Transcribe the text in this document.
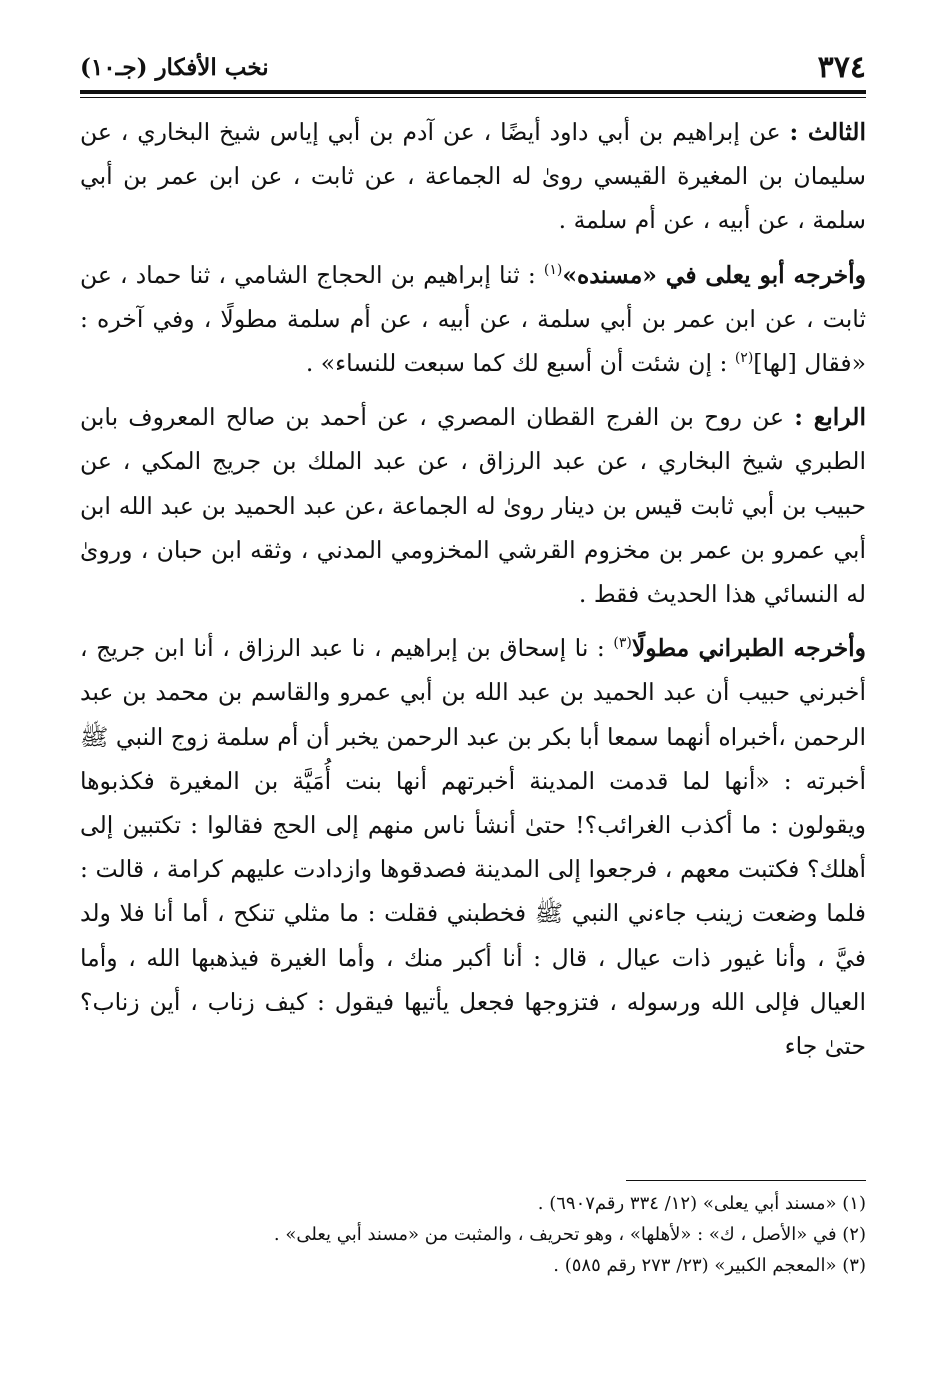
٣٧٤
نخب الأفكار (جـ١٠)

الثالث : عن إبراهيم بن أبي داود أيضًا ، عن آدم بن أبي إياس شيخ البخاري ، عن سليمان بن المغيرة القيسي روىٰ له الجماعة ، عن ثابت ، عن ابن عمر بن أبي سلمة ، عن أبيه ، عن أم سلمة .

وأخرجه أبو يعلى في «مسنده»$^{(١)}$ : ثنا إبراهيم بن الحجاج الشامي ، ثنا حماد ، عن ثابت ، عن ابن عمر بن أبي سلمة ، عن أبيه ، عن أم سلمة مطولًا ، وفي آخره : «فقال [لها]$^{(٢)}$ : إن شئت أن أسبع لك كما سبعت للنساء» .

الرابع : عن روح بن الفرج القطان المصري ، عن أحمد بن صالح المعروف بابن الطبري شيخ البخاري ، عن عبد الرزاق ، عن عبد الملك بن جريج المكي ، عن حبيب بن أبي ثابت قيس بن دينار روىٰ له الجماعة ،عن عبد الحميد بن عبد الله ابن أبي عمرو بن عمر بن مخزوم القرشي المخزومي المدني ، وثقه ابن حبان ، وروىٰ له النسائي هذا الحديث فقط .

وأخرجه الطبراني مطولًا$^{(٣)}$ : نا إسحاق بن إبراهيم ، نا عبد الرزاق ، أنا ابن جريج ، أخبرني حبيب أن عبد الحميد بن عبد الله بن أبي عمرو والقاسم بن محمد بن عبد الرحمن ،أخبراه أنهما سمعا أبا بكر بن عبد الرحمن يخبر أن أم سلمة زوج النبي ﷺ أخبرته : «أنها لما قدمت المدينة أخبرتهم أنها بنت أُمَيَّة بن المغيرة فكذبوها ويقولون : ما أكذب الغرائب؟! حتىٰ أنشأ ناس منهم إلى الحج فقالوا : تكتبين إلى أهلك؟ فكتبت معهم ، فرجعوا إلى المدينة فصدقوها وازدادت عليهم كرامة ، قالت : فلما وضعت زينب جاءني النبي ﷺ فخطبني فقلت : ما مثلي تنكح ، أما أنا فلا ولد فيَّ ، وأنا غيور ذات عيال ، قال : أنا أكبر منك ، وأما الغيرة فيذهبها الله ، وأما العيال فإلى الله ورسوله ، فتزوجها فجعل يأتيها فيقول : كيف زناب ، أين زناب؟ حتىٰ جاء

(١) «مسند أبي يعلى» (١٢/ ٣٣٤ رقم٦٩٠٧) .

(٢) في «الأصل ، ك» : «لأهلها» ، وهو تحريف ، والمثبت من «مسند أبي يعلى» .

(٣) «المعجم الكبير» (٢٣/ ٢٧٣ رقم ٥٨٥) .
